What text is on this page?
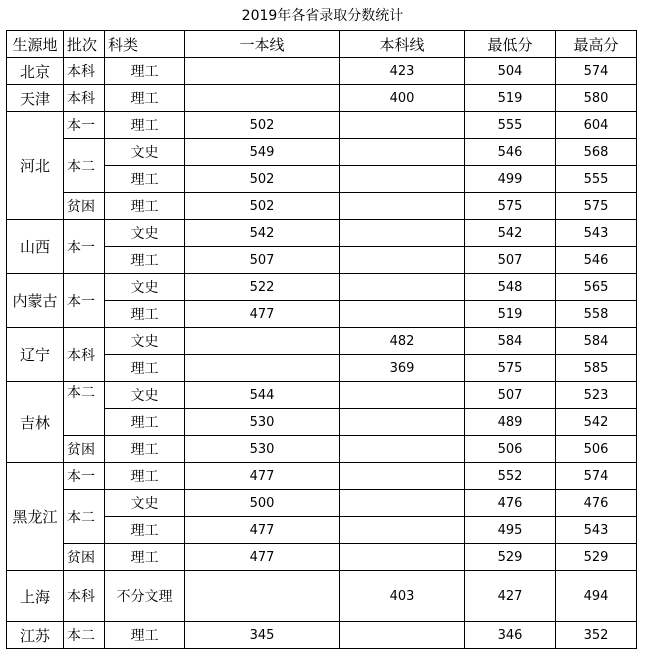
2019年各省录取分数统计
生源地	批次	科类	一本线	本科线	最低分	最高分
北京	本科	理工		423	504	574
天津	本科	理工		400	519	580
河北	本一	理工	502		555	604
	本二	文史	549		546	568
		理工	502		499	555
	贫困	理工	502		575	575
山西	本一	文史	542		542	543
		理工	507		507	546
内蒙古	本一	文史	522		548	565
		理工	477		519	558
辽宁	本科	文史		482	584	584
		理工		369	575	585
吉林	本二	文史	544		507	523
		理工	530		489	542
	贫困	理工	530		506	506
黑龙江	本一	理工	477		552	574
	本二	文史	500		476	476
		理工	477		495	543
	贫困	理工	477		529	529
上海	本科	不分文理		403	427	494
江苏	本二	理工	345		346	352
